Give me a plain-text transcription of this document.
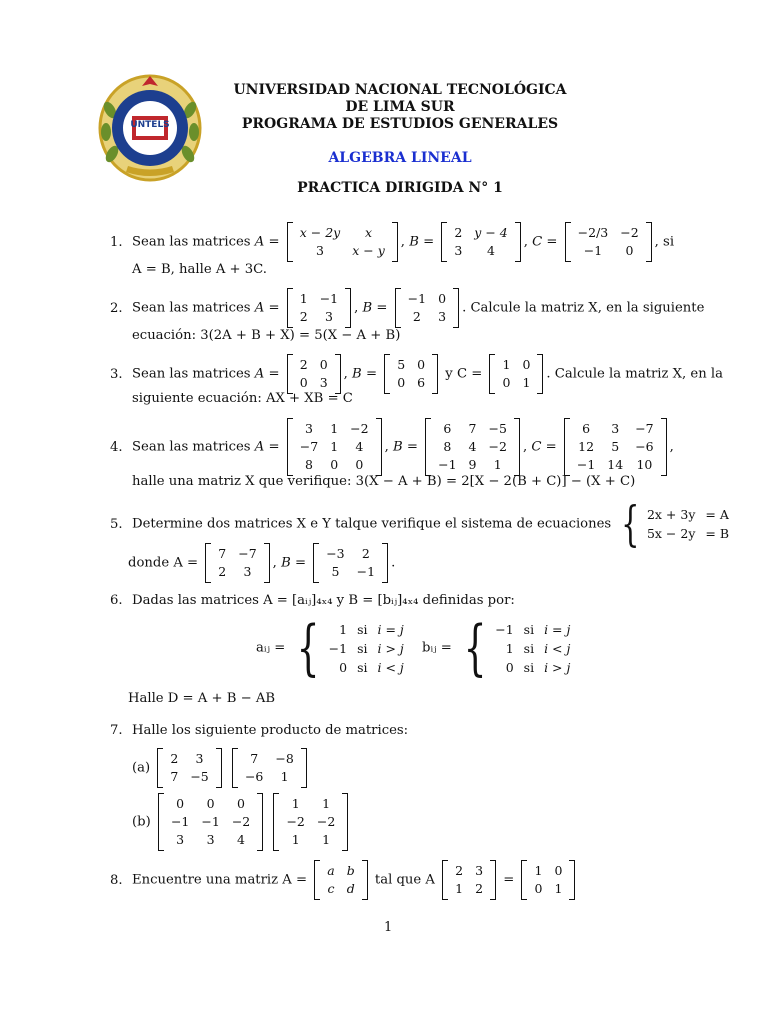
UNTELS
UNIVERSIDAD NACIONAL TECNOLÓGICA
DE LIMA SUR
PROGRAMA DE ESTUDIOS GENERALES
ALGEBRA LINEAL
PRACTICA DIRIGIDA N° 1
1. Sean las matrices A =
x − 2y	x
3	x − y
, B =
2	y − 4
3	4
, C =
−2/3	−2
−1	0
, si
A = B, halle A + 3C.
2. Sean las matrices A =
1	−1
2	3
, B =
−1	0
2	3
. Calcule la matriz X, en la siguiente
ecuación: 3(2A + B + X) = 5(X − A + B)
3. Sean las matrices A =
2	0
0	3
, B =
5	0
0	6
y C =
1	0
0	1
. Calcule la matriz X, en la
siguiente ecuación: AX + XB = C
4. Sean las matrices A =
3	1	−2
−7	1	4
8	0	0
, B =
6	7	−5
8	4	−2
−1	9	1
, C =
6	3	−7
12	5	−6
−1	14	10
,
halle una matriz X que verifique: 3(X − A + B) = 2[X − 2(B + C)] − (X + C)
5. Determine dos matrices X e Y talque verifique el sistema de ecuaciones { 2x + 3y	= A
5x − 2y	= B
donde A =
7	−7
2	3
, B =
−3	2
5	−1
.
6. Dadas las matrices A = [aᵢⱼ]₄ₓ₄ y B = [bᵢⱼ]₄ₓ₄ definidas por:
aᵢⱼ = { 1	si	i = j
−1	si	i > j
0	si	i < j
bᵢⱼ = { −1	si	i = j
1	si	i < j
0	si	i > j
Halle D = A + B − AB
7. Halle los siguiente producto de matrices:
(a)
2	3
7	−5

7	−8
−6	1
(b)
0	0	0
−1	−1	−2
3	3	4

1	1
−2	−2
1	1
8. Encuentre una matriz A =
a	b
c	d
tal que A
2	3
1	2
=
1	0
0	1
1
